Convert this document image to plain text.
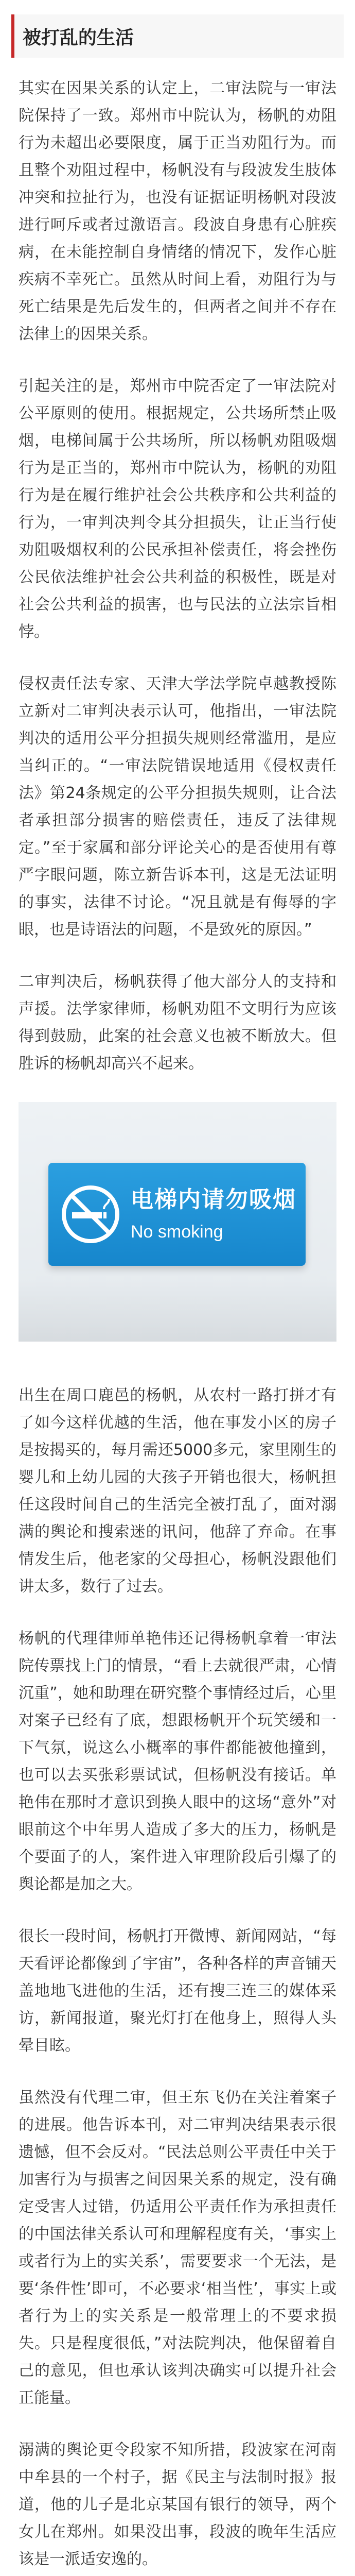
被打乱的生活

其实在因果关系的认定上，二审法院与一审法院保持了一致。郑州市中院认为，杨帆的劝阻行为未超出必要限度，属于正当劝阻行为。而且整个劝阻过程中，杨帆没有与段波发生肢体冲突和拉扯行为，也没有证据证明杨帆对段波进行呵斥或者过激语言。段波自身患有心脏疾病，在未能控制自身情绪的情况下，发作心脏疾病不幸死亡。虽然从时间上看，劝阻行为与死亡结果是先后发生的，但两者之间并不存在法律上的因果关系。

引起关注的是，郑州市中院否定了一审法院对公平原则的使用。根据规定，公共场所禁止吸烟，电梯间属于公共场所，所以杨帆劝阻吸烟行为是正当的，郑州市中院认为，杨帆的劝阻行为是在履行维护社会公共秩序和公共利益的行为，一审判决判令其分担损失，让正当行使劝阻吸烟权利的公民承担补偿责任，将会挫伤公民依法维护社会公共利益的积极性，既是对社会公共利益的损害，也与民法的立法宗旨相悖。

侵权责任法专家、天津大学法学院卓越教授陈立新对二审判决表示认可，他指出，一审法院判决的适用公平分担损失规则经常滥用，是应当纠正的。“一审法院错误地适用《侵权责任法》第24条规定的公平分担损失规则，让合法者承担部分损害的赔偿责任，违反了法律规定。”至于家属和部分评论关心的是否使用有尊严字眼问题，陈立新告诉本刊，这是无法证明的事实，法律不讨论。“况且就是有侮辱的字眼，也是诗语法的问题，不是致死的原因。”

二审判决后，杨帆获得了他大部分人的支持和声援。法学家律师，杨帆劝阻不文明行为应该得到鼓励，此案的社会意义也被不断放大。但胜诉的杨帆却高兴不起来。

电梯内请勿吸烟
No smoking

出生在周口鹿邑的杨帆，从农村一路打拼才有了如今这样优越的生活，他在事发小区的房子是按揭买的，每月需还5000多元，家里刚生的婴儿和上幼儿园的大孩子开销也很大，杨帆担任这段时间自己的生活完全被打乱了，面对溺满的舆论和搜索迷的讯问，他辞了弃命。在事情发生后，他老家的父母担心，杨帆没跟他们讲太多，数行了过去。

杨帆的代理律师单艳伟还记得杨帆拿着一审法院传票找上门的情景，“看上去就很严肃，心情沉重”，她和助理在研究整个事情经过后，心里对案子已经有了底，想跟杨帆开个玩笑缓和一下气氛，说这么小概率的事件都能被他撞到，也可以去买张彩票试试，但杨帆没有接话。单艳伟在那时才意识到换人眼中的这场“意外”对眼前这个中年男人造成了多大的压力，杨帆是个要面子的人，案件进入审理阶段后引爆了的舆论都是加之大。

很长一段时间，杨帆打开微博、新闻网站，“每天看评论都像到了宇宙”，各种各样的声音铺天盖地地飞进他的生活，还有搜三连三的媒体采访，新闻报道，聚光灯打在他身上，照得人头晕目眩。

虽然没有代理二审，但王东飞仍在关注着案子的进展。他告诉本刊，对二审判决结果表示很遗憾，但不会反对。“民法总则公平责任中关于加害行为与损害之间因果关系的规定，没有确定受害人过错，仍适用公平责任作为承担责任的中国法律关系认可和理解程度有关，‘事实上或者行为上的实关系’，需要要求一个无法，是要‘条件性’即可，不必要求‘相当性’，事实上或者行为上的实关系是一般常理上的不要求损失。只是程度很低，”对法院判决，他保留着自己的意见，但也承认该判决确实可以提升社会正能量。

溺满的舆论更令段家不知所措，段波家在河南中牟县的一个村子，据《民主与法制时报》报道，他的儿子是北京某国有银行的领导，两个女儿在郑州。如果没出事，段波的晚年生活应该是一派适安逸的。
